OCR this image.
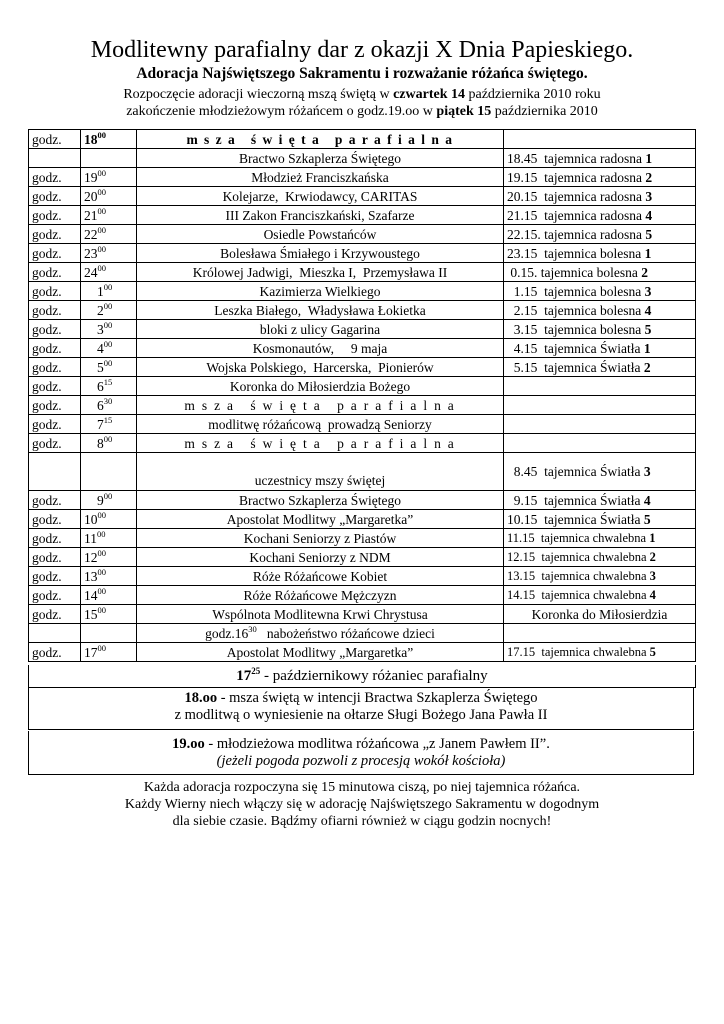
Modlitewny parafialny dar z okazji X Dnia Papieskiego.
Adoracja Najświętszego Sakramentu i rozważanie różańca świętego.
Rozpoczęcie adoracji wieczorną mszą świętą w czwartek 14 października 2010 roku
zakończenie młodzieżowym różańcem o godz.19.oo w piątek 15 października 2010
godz.	$18^{00}$	m s z a   ś w i ę t a   p a r a f i a l n a	
		Bractwo Szkaplerza Świętego	18.45  tajemnica radosna 1
godz.	$19^{00}$	Młodzież Franciszkańska	19.15  tajemnica radosna 2
godz.	$20^{00}$	Kolejarze,  Krwiodawcy, CARITAS	20.15  tajemnica radosna 3
godz.	$21^{00}$	III Zakon Franciszkański, Szafarze	21.15  tajemnica radosna 4
godz.	$22^{00}$	Osiedle Powstańców	22.15. tajemnica radosna 5
godz.	$23^{00}$	Bolesława Śmiałego i Krzywoustego	23.15  tajemnica bolesna 1
godz.	$24^{00}$	Królowej Jadwigi,  Mieszka I,  Przemysława II	0.15. tajemnica bolesna 2
godz.	$1^{00}$	Kazimierza Wielkiego	1.15  tajemnica bolesna 3
godz.	$2^{00}$	Leszka Białego,  Władysława Łokietka	2.15  tajemnica bolesna 4
godz.	$3^{00}$	bloki z ulicy Gagarina	3.15  tajemnica bolesna 5
godz.	$4^{00}$	Kosmonautów,     9 maja	4.15  tajemnica Światła 1
godz.	$5^{00}$	Wojska Polskiego,  Harcerska,  Pionierów	5.15  tajemnica Światła 2
godz.	$6^{15}$	Koronka do Miłosierdzia Bożego	
godz.	$6^{30}$	m s z a   ś w i ę t a   p a r a f i a l n a	
godz.	$7^{15}$	modlitwę różańcową  prowadzą Seniorzy	
godz.	$8^{00}$	m s z a   ś w i ę t a   p a r a f i a l n a	
		uczestnicy mszy świętej	8.45  tajemnica Światła 3
godz.	$9^{00}$	Bractwo Szkaplerza Świętego	9.15  tajemnica Światła 4
godz.	$10^{00}$	Apostolat Modlitwy „Margaretka”	10.15  tajemnica Światła 5
godz.	$11^{00}$	Kochani Seniorzy z Piastów	11.15  tajemnica chwalebna 1
godz.	$12^{00}$	Kochani Seniorzy z NDM	12.15  tajemnica chwalebna 2
godz.	$13^{00}$	Róże Różańcowe Kobiet	13.15  tajemnica chwalebna 3
godz.	$14^{00}$	Róże Różańcowe Mężczyzn	14.15  tajemnica chwalebna 4
godz.	$15^{00}$	Wspólnota Modlitewna Krwi Chrystusa	Koronka do Miłosierdzia
		$godz.16^{30}$   nabożeństwo różańcowe dzieci	
godz.	$17^{00}$	Apostolat Modlitwy „Margaretka”	17.15  tajemnica chwalebna 5
$17^{25}$ - październikowy różaniec parafialny
18.oo - msza świętą w intencji Bractwa Szkaplerza Świętego
z modlitwą o wyniesienie na ołtarze Sługi Bożego Jana Pawła II
19.oo - młodzieżowa modlitwa różańcowa „z Janem Pawłem II”.
(jeżeli pogoda pozwoli z procesją wokół kościoła)
Każda adoracja rozpoczyna się 15 minutowa ciszą, po niej tajemnica różańca.
Każdy Wierny niech włączy się w adorację Najświętszego Sakramentu w dogodnym
dla siebie czasie. Bądźmy ofiarni również w ciągu godzin nocnych!
